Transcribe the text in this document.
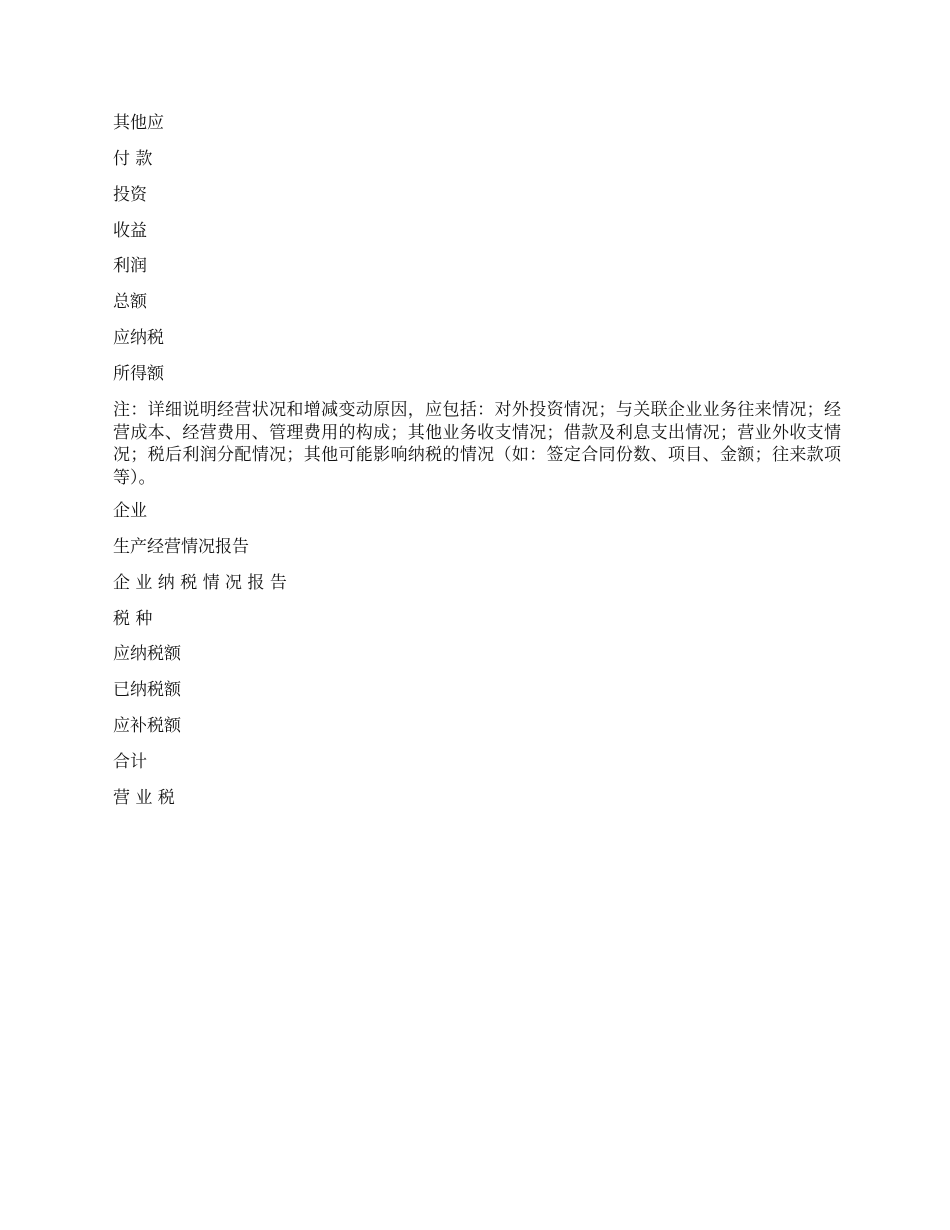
其他应
付 款
投资
收益
利润
总额
应纳税
所得额
注：详细说明经营状况和增减变动原因，应包括：对外投资情况；与关联企业业务往来情况；经营成本、经营费用、管理费用的构成；其他业务收支情况；借款及利息支出情况；营业外收支情况；税后利润分配情况；其他可能影响纳税的情况（如：签定合同份数、项目、金额；往来款项等）。
企业
生产经营情况报告
企 业 纳 税 情 况 报 告
税 种
应纳税额
已纳税额
应补税额
合计
营 业 税
